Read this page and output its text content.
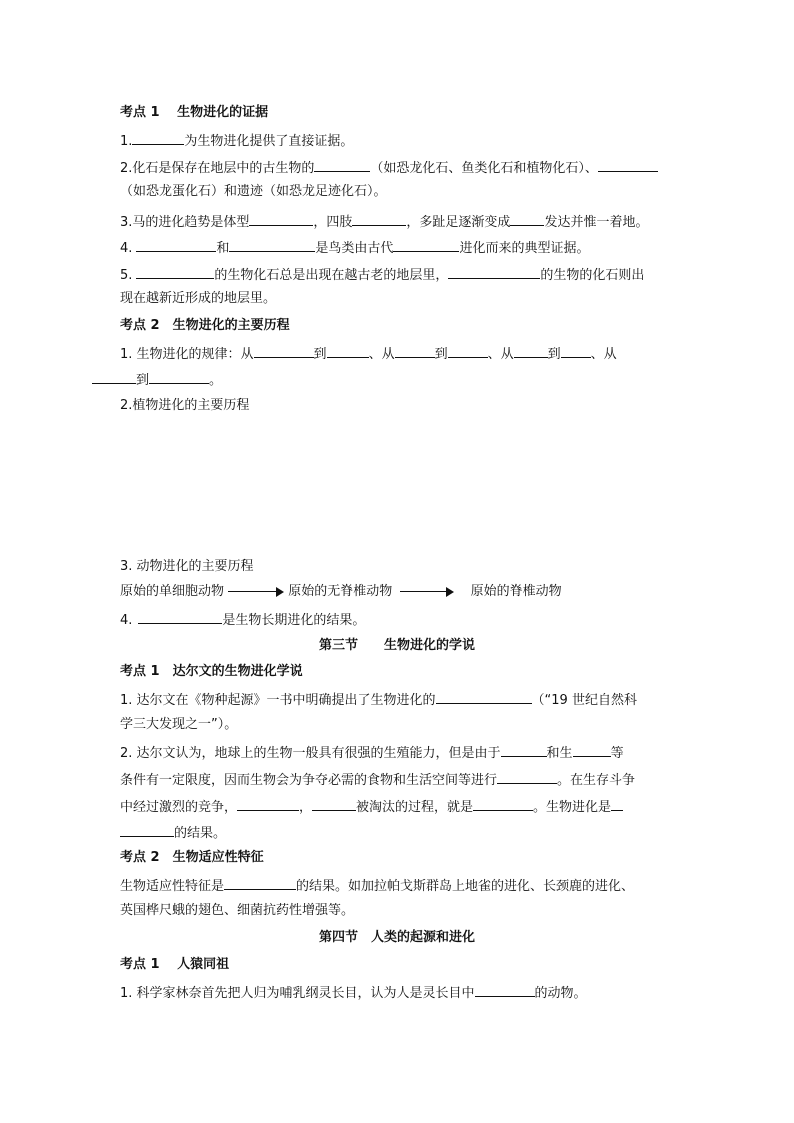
考点 1　 生物进化的证据
1.	为生物进化提供了直接证据。
2.化石是保存在地层中的古生物的	（如恐龙化石、鱼类化石和植物化石）、
（如恐龙蛋化石）和遗迹（如恐龙足迹化石）。
3.马的进化趋势是体型	，四肢	，多趾足逐渐变成	发达并惟一着地。
4.	和	是鸟类由古代	进化而来的典型证据。
5.	的生物化石总是出现在越古老的地层里，	的生物的化石则出
现在越新近形成的地层里。
考点 2　生物进化的主要历程
1. 生物进化的规律：从	到	、从	到	、从	到 、从
到	。
2.植物进化的主要历程
3. 动物进化的主要历程
原始的单细胞动物	原始的无脊椎动物	原始的脊椎动物
4.	是生物长期进化的结果。
第三节　　生物进化的学说
考点 1　达尔文的生物进化学说
1. 达尔文在《物种起源》一书中明确提出了生物进化的	（“19 世纪自然科
学三大发现之一”）。
2. 达尔文认为，地球上的生物一般具有很强的生殖能力，但是由于	和生	等
条件有一定限度，因而生物会为争夺必需的食物和生活空间等进行	。在生存斗争
中经过激烈的竞争，	，	被淘汰的过程，就是	。生物进化是
的结果。
考点 2　生物适应性特征
生物适应性特征是	的结果。如加拉帕戈斯群岛上地雀的进化、长颈鹿的进化、
英国桦尺蛾的翅色、细菌抗药性增强等。
第四节　人类的起源和进化
考点 1　 人猿同祖
1. 科学家林奈首先把人归为哺乳纲灵长目，认为人是灵长目中	的动物。
